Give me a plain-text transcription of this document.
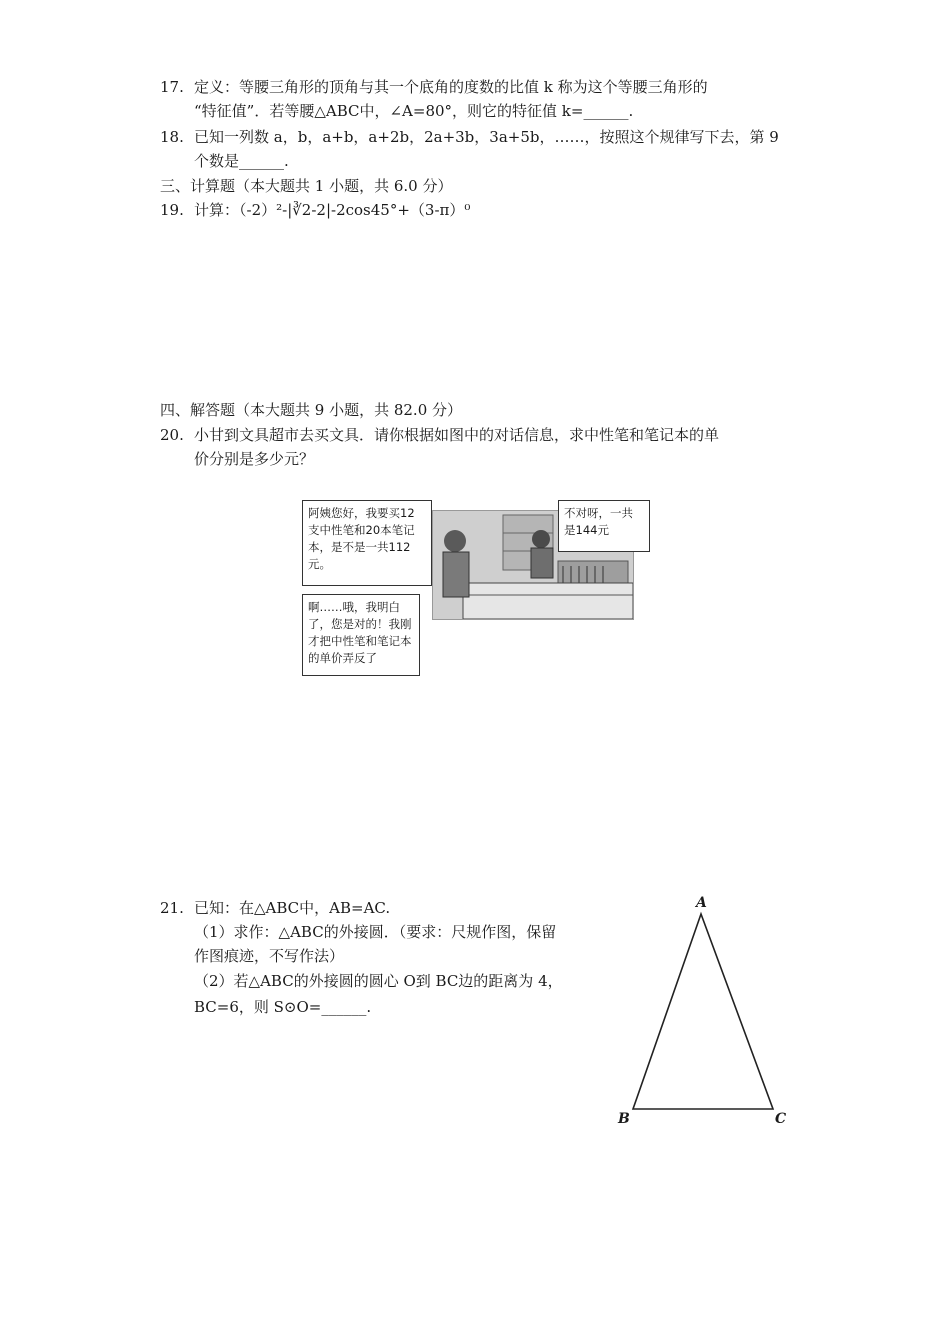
17. 定义：等腰三角形的顶角与其一个底角的度数的比值 k 称为这个等腰三角形的
“特征值”．若等腰△ABC中，∠A=80°，则它的特征值 k=______.
18. 已知一列数 a，b，a+b，a+2b，2a+3b，3a+5b，……，按照这个规律写下去，第 9
个数是______.
三、计算题（本大题共 1 小题，共 6.0 分）
19. 计算：（-2）²-|∛2-2|-2cos45°+（3-π）⁰
四、解答题（本大题共 9 小题，共 82.0 分）
20. 小甘到文具超市去买文具．请你根据如图中的对话信息，求中性笔和笔记本的单
价分别是多少元？
阿姨您好，我要买12支中性笔和20本笔记本，是不是一共112元。
不对呀，一共是144元
啊……哦，我明白了，您是对的！我刚才把中性笔和笔记本的单价弄反了
21. 已知：在△ABC中，AB=AC.
（1）求作：△ABC的外接圆．（要求：尺规作图，保留
作图痕迹，不写作法）
（2）若△ABC的外接圆的圆心 O到 BC边的距离为 4，
BC=6，则 S⊙O=______.
A
B	C
